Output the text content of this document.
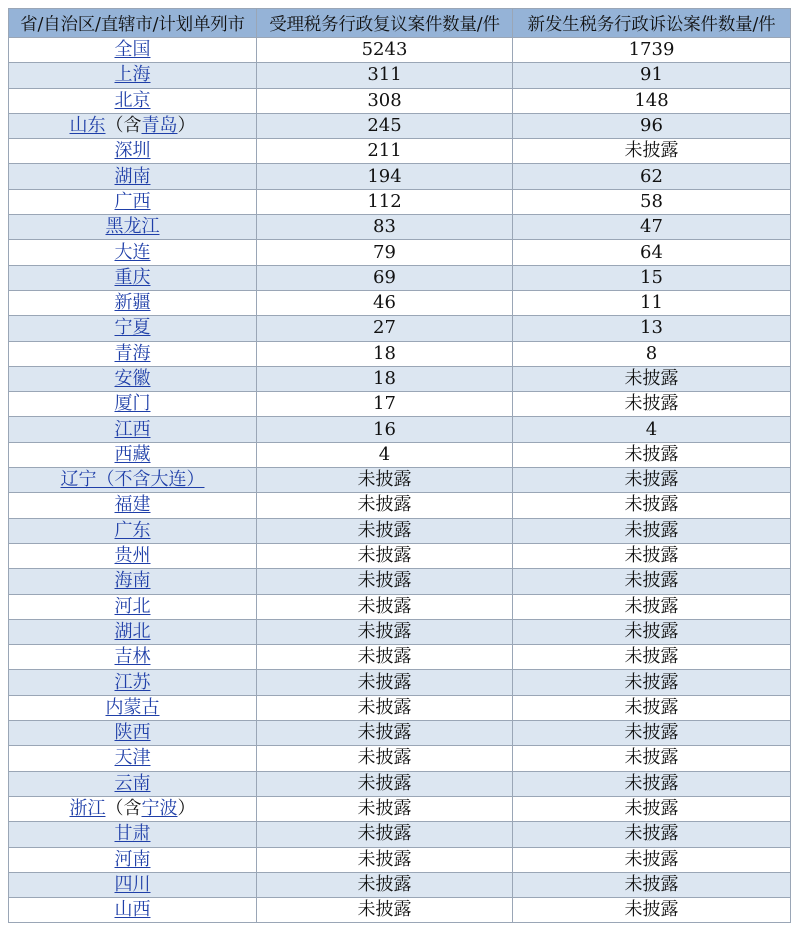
省/自治区/直辖市/计划单列市	受理税务行政复议案件数量/件	新发生税务行政诉讼案件数量/件
全国	5243	1739
上海	311	91
北京	308	148
山东（含青岛）	245	96
深圳	211	未披露
湖南	194	62
广西	112	58
黑龙江	83	47
大连	79	64
重庆	69	15
新疆	46	11
宁夏	27	13
青海	18	8
安徽	18	未披露
厦门	17	未披露
江西	16	4
西藏	4	未披露
辽宁（不含大连）	未披露	未披露
福建	未披露	未披露
广东	未披露	未披露
贵州	未披露	未披露
海南	未披露	未披露
河北	未披露	未披露
湖北	未披露	未披露
吉林	未披露	未披露
江苏	未披露	未披露
内蒙古	未披露	未披露
陕西	未披露	未披露
天津	未披露	未披露
云南	未披露	未披露
浙江（含宁波）	未披露	未披露
甘肃	未披露	未披露
河南	未披露	未披露
四川	未披露	未披露
山西	未披露	未披露
